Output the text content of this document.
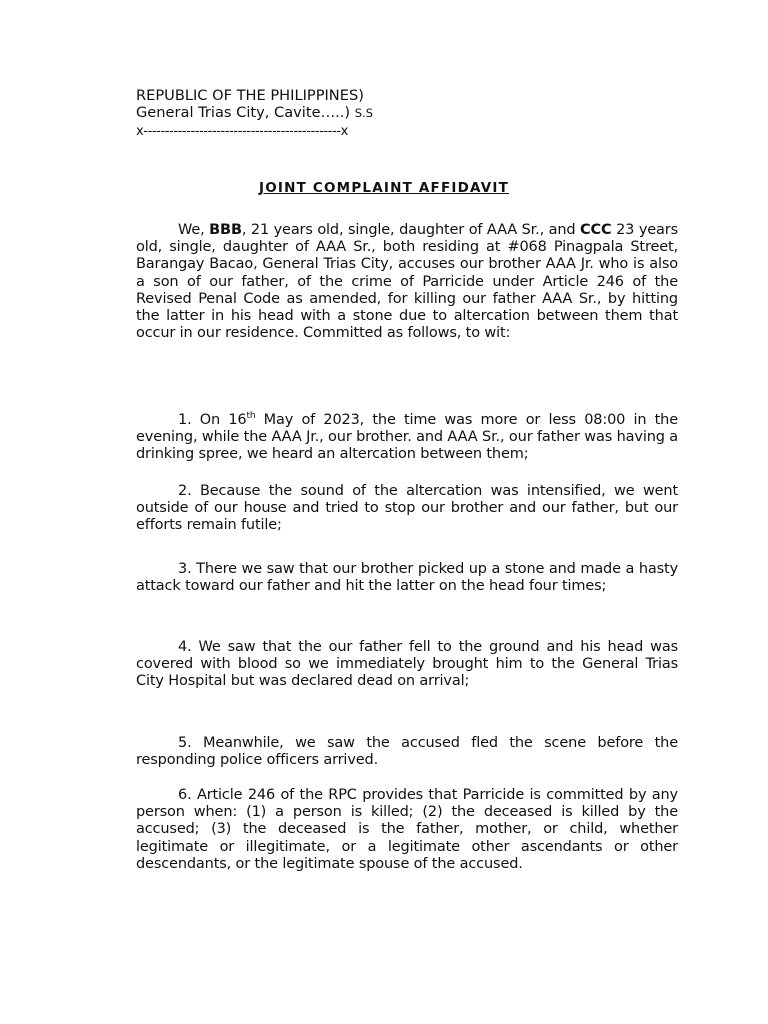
REPUBLIC OF THE PHILIPPINES)
General Trias City, Cavite…..) S.S
x----------------------------------------------x
JOINT COMPLAINT AFFIDAVIT
We, BBB, 21 years old, single, daughter of AAA Sr., and CCC 23 years old, single, daughter of AAA Sr., both residing at #068 Pinagpala Street, Barangay Bacao, General Trias City, accuses our brother AAA Jr. who is also a son of our father, of the crime of Parricide under Article 246 of the Revised Penal Code as amended, for killing our father AAA Sr., by hitting the latter in his head with a stone due to altercation between them that occur in our residence. Committed as follows, to wit:
1. On 16th May of 2023, the time was more or less 08:00 in the evening, while the AAA Jr., our brother. and AAA Sr., our father was having a drinking spree, we heard an altercation between them;
2. Because the sound of the altercation was intensified, we went outside of our house and tried to stop our brother and our father, but our efforts remain futile;
3. There we saw that our brother picked up a stone and made a hasty attack toward our father and hit the latter on the head four times;
4. We saw that the our father fell to the ground and his head was covered with blood so we immediately brought him to the General Trias City Hospital but was declared dead on arrival;
5. Meanwhile, we saw the accused fled the scene before the responding police officers arrived.
6. Article 246 of the RPC provides that Parricide is committed by any person when: (1) a person is killed; (2) the deceased is killed by the accused; (3) the deceased is the father, mother, or child, whether legitimate or illegitimate, or a legitimate other ascendants or other descendants, or the legitimate spouse of the accused.
